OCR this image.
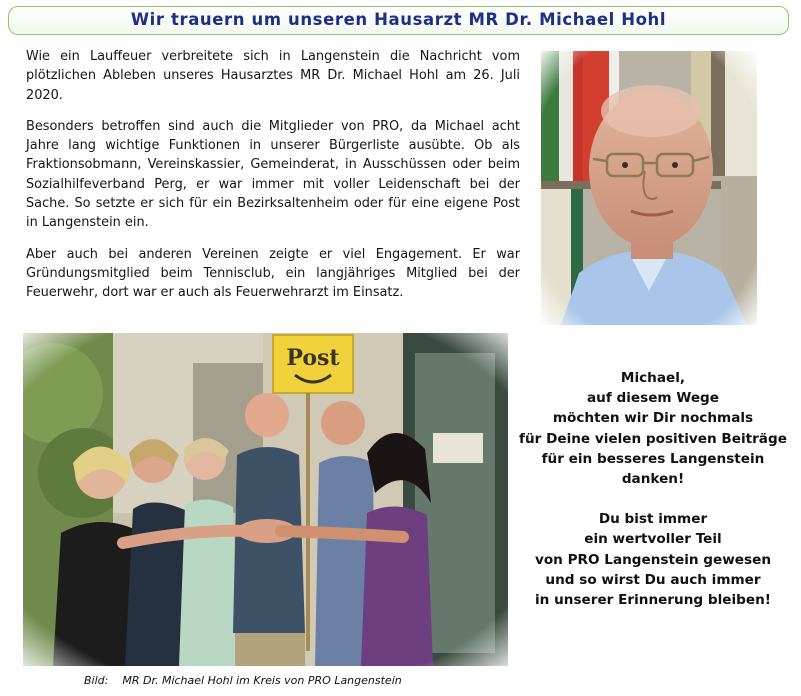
Wir trauern um unseren Hausarzt MR Dr. Michael Hohl

Wie ein Lauffeuer verbreitete sich in Langenstein die Nachricht vom plötzlichen Ableben unseres Hausarztes MR Dr. Michael Hohl am 26. Juli 2020.

Besonders betroffen sind auch die Mitglieder von PRO, da Michael acht Jahre lang wichtige Funktionen in unserer Bürgerliste ausübte. Ob als Fraktionsobmann, Vereinskassier, Gemeinderat, in Ausschüssen oder beim Sozialhilfeverband Perg, er war immer mit voller Leidenschaft bei der Sache. So setzte er sich für ein Bezirksaltenheim oder für eine eigene Post in Langenstein ein.

Aber auch bei anderen Vereinen zeigte er viel Engagement. Er war Gründungsmitglied beim Tennisclub, ein langjähriges Mitglied bei der Feuerwehr, dort war er auch als Feuerwehrarzt im Einsatz.

Michael,
auf diesem Wege
möchten wir Dir nochmals
für Deine vielen positiven Beiträge
für ein besseres Langenstein
danken!
Du bist immer
ein wertvoller Teil
von PRO Langenstein gewesen
und so wirst Du auch immer
in unserer Erinnerung bleiben!
Bild: MR Dr. Michael Hohl im Kreis von PRO Langenstein
